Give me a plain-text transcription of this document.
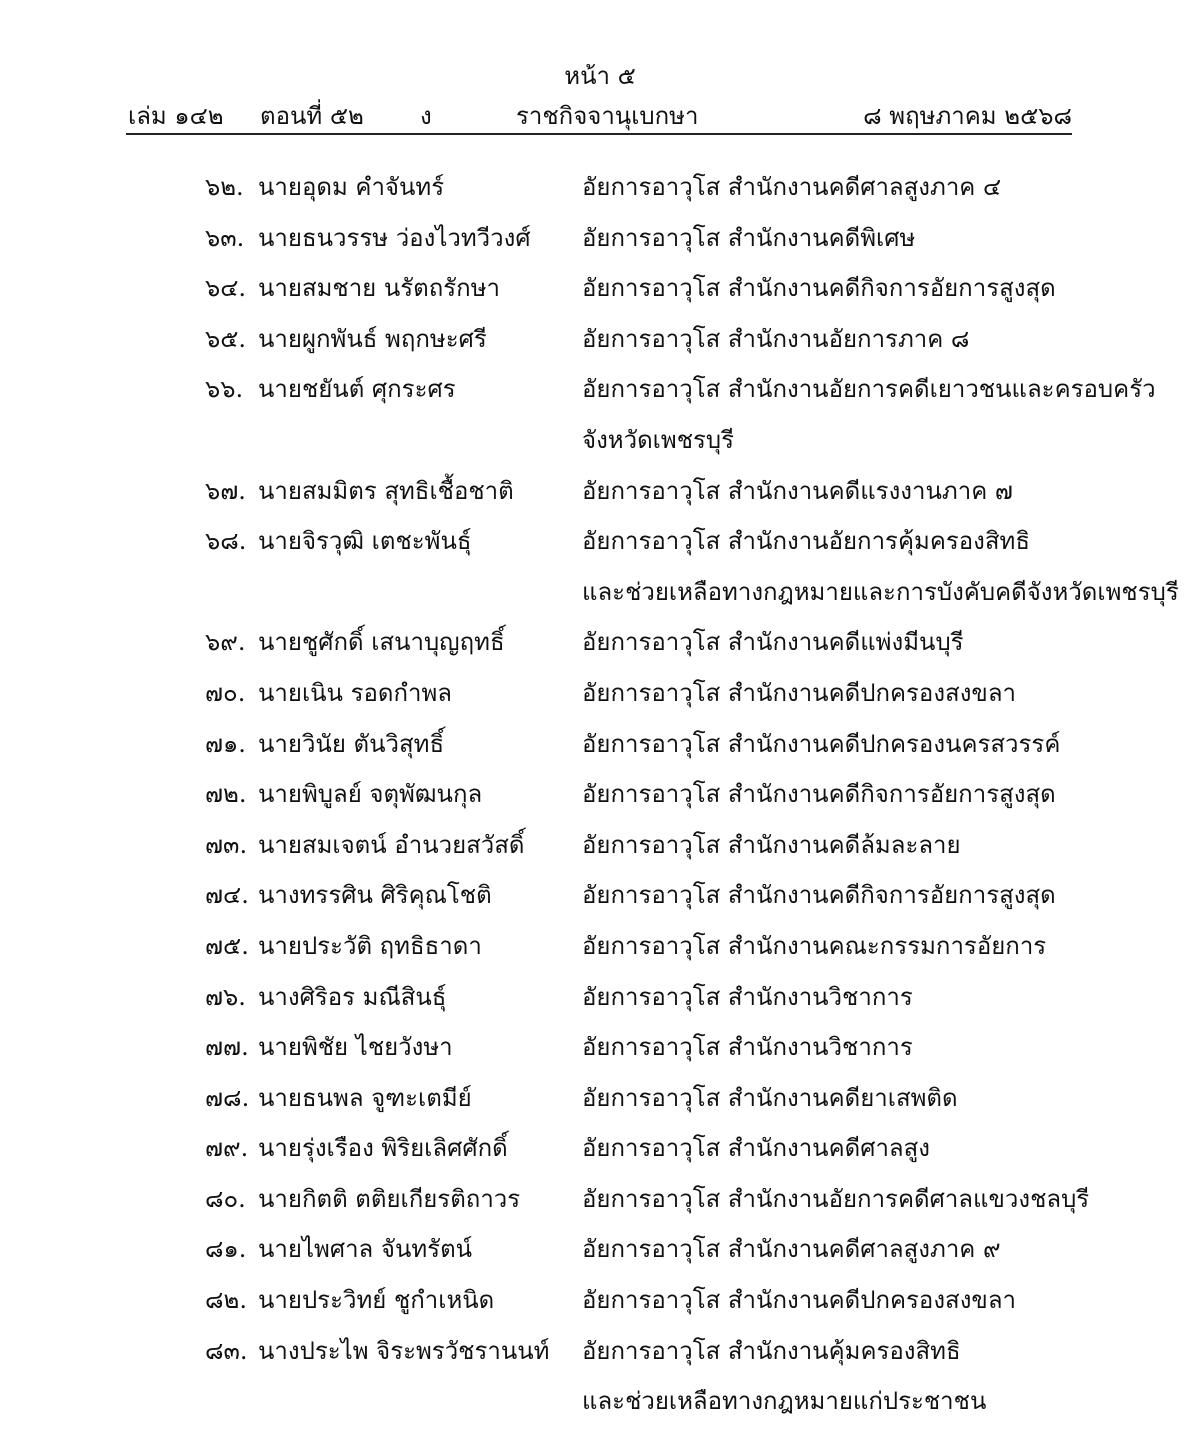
หน้า ๕
เล่ม ๑๔๒ ตอนที่ ๕๒ ง	ราชกิจจานุเบกษา	๘ พฤษภาคม ๒๕๖๘
๖๒. นายอุดม คำจันทร์	อัยการอาวุโส สำนักงานคดีศาลสูงภาค ๔
๖๓. นายธนวรรษ ว่องไวทวีวงศ์ อัยการอาวุโส สำนักงานคดีพิเศษ
๖๔. นายสมชาย นรัตถรักษา	อัยการอาวุโส สำนักงานคดีกิจการอัยการสูงสุด
๖๕. นายผูกพันธ์ พฤกษะศรี	อัยการอาวุโส สำนักงานอัยการภาค ๘
๖๖. นายชยันต์ ศุกระศร	อัยการอาวุโส สำนักงานอัยการคดีเยาวชนและครอบครัว
จังหวัดเพชรบุรี
๖๗. นายสมมิตร สุทธิเชื้อชาติ	อัยการอาวุโส สำนักงานคดีแรงงานภาค ๗
๖๘. นายจิรวุฒิ เตชะพันธุ์	อัยการอาวุโส สำนักงานอัยการคุ้มครองสิทธิ
และช่วยเหลือทางกฎหมายและการบังคับคดีจังหวัดเพชรบุรี
๖๙. นายชูศักดิ์ เสนาบุญฤทธิ์	อัยการอาวุโส สำนักงานคดีแพ่งมีนบุรี
๗๐. นายเนิน รอดกำพล	อัยการอาวุโส สำนักงานคดีปกครองสงขลา
๗๑. นายวินัย ตันวิสุทธิ์	อัยการอาวุโส สำนักงานคดีปกครองนครสวรรค์
๗๒. นายพิบูลย์ จตุพัฒนกุล	อัยการอาวุโส สำนักงานคดีกิจการอัยการสูงสุด
๗๓. นายสมเจตน์ อำนวยสวัสดิ์ อัยการอาวุโส สำนักงานคดีล้มละลาย
๗๔. นางทรรศิน ศิริคุณโชติ	อัยการอาวุโส สำนักงานคดีกิจการอัยการสูงสุด
๗๕. นายประวัติ ฤทธิธาดา	อัยการอาวุโส สำนักงานคณะกรรมการอัยการ
๗๖. นางศิริอร มณีสินธุ์	อัยการอาวุโส สำนักงานวิชาการ
๗๗. นายพิชัย ไชยวังษา	อัยการอาวุโส สำนักงานวิชาการ
๗๘. นายธนพล จูฑะเตมีย์	อัยการอาวุโส สำนักงานคดียาเสพติด
๗๙. นายรุ่งเรือง พิริยเลิศศักดิ์	อัยการอาวุโส สำนักงานคดีศาลสูง
๘๐. นายกิตติ ตติยเกียรติถาวร	อัยการอาวุโส สำนักงานอัยการคดีศาลแขวงชลบุรี
๘๑. นายไพศาล จันทรัตน์	อัยการอาวุโส สำนักงานคดีศาลสูงภาค ๙
๘๒. นายประวิทย์ ชูกำเหนิด	อัยการอาวุโส สำนักงานคดีปกครองสงขลา
๘๓. นางประไพ จิระพรวัชรานนท์ อัยการอาวุโส สำนักงานคุ้มครองสิทธิ
และช่วยเหลือทางกฎหมายแก่ประชาชน
